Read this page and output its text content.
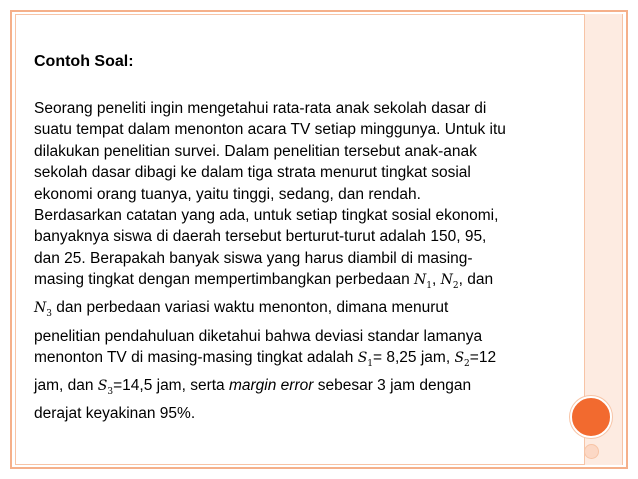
Contoh Soal:

Seorang peneliti ingin mengetahui rata-rata anak sekolah dasar di
suatu tempat dalam menonton acara TV setiap minggunya. Untuk itu
dilakukan penelitian survei. Dalam penelitian tersebut anak-anak
sekolah dasar dibagi ke dalam tiga strata menurut tingkat sosial
ekonomi orang tuanya, yaitu tinggi, sedang, dan rendah.
Berdasarkan catatan yang ada, untuk setiap tingkat sosial ekonomi,
banyaknya siswa di daerah tersebut berturut-turut adalah 150, 95,
dan 25. Berapakah banyak siswa yang harus diambil di masing-
masing tingkat dengan mempertimbangkan perbedaan $N_1$, $N_2$, dan
$N_3$ dan perbedaan variasi waktu menonton, dimana menurut
penelitian pendahuluan diketahui bahwa deviasi standar lamanya
menonton TV di masing-masing tingkat adalah $S_1= 8,25$ jam, $S_2=12$
jam, dan $S_3=14,5$ jam, serta margin error sebesar 3 jam dengan
derajat keyakinan 95%.
